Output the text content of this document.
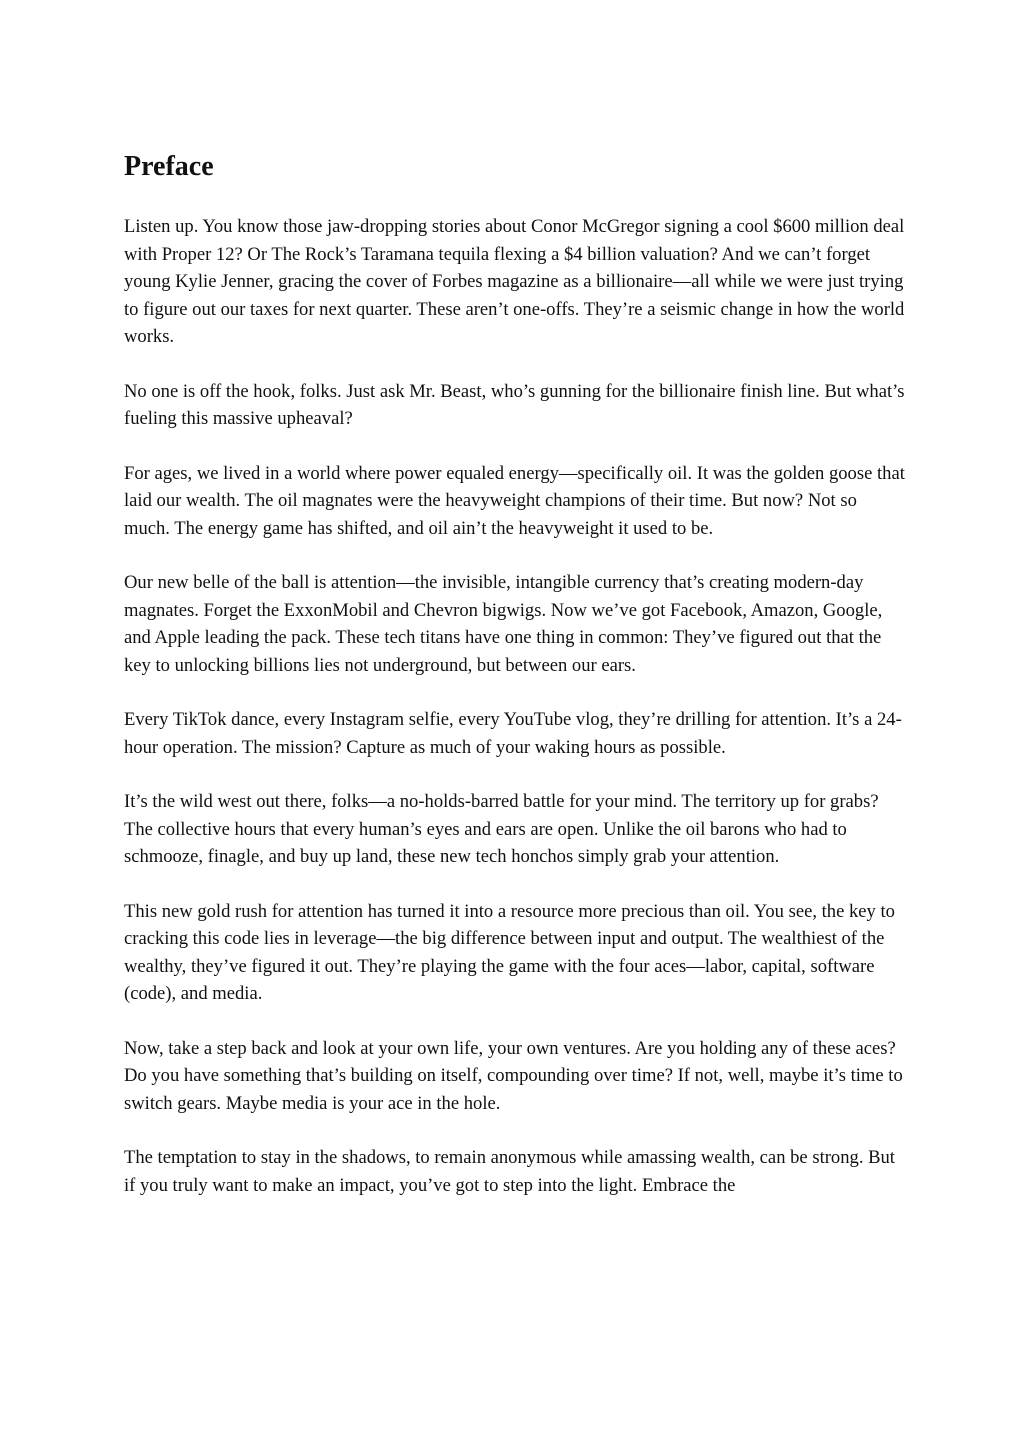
Preface

Listen up. You know those jaw-dropping stories about Conor McGregor signing a cool $600 million deal with Proper 12? Or The Rock’s Taramana tequila flexing a $4 billion valuation? And we can’t forget young Kylie Jenner, gracing the cover of Forbes magazine as a billionaire—all while we were just trying to figure out our taxes for next quarter. These aren’t one-offs. They’re a seismic change in how the world works.

No one is off the hook, folks. Just ask Mr. Beast, who’s gunning for the billionaire finish line. But what’s fueling this massive upheaval?

For ages, we lived in a world where power equaled energy—specifically oil. It was the golden goose that laid our wealth. The oil magnates were the heavyweight champions of their time. But now? Not so much. The energy game has shifted, and oil ain’t the heavyweight it used to be.

Our new belle of the ball is attention—the invisible, intangible currency that’s creating modern-day magnates. Forget the ExxonMobil and Chevron bigwigs. Now we’ve got Facebook, Amazon, Google, and Apple leading the pack. These tech titans have one thing in common: They’ve figured out that the key to unlocking billions lies not underground, but between our ears.

Every TikTok dance, every Instagram selfie, every YouTube vlog, they’re drilling for attention. It’s a 24-hour operation. The mission? Capture as much of your waking hours as possible.

It’s the wild west out there, folks—a no-holds-barred battle for your mind. The territory up for grabs? The collective hours that every human’s eyes and ears are open. Unlike the oil barons who had to schmooze, finagle, and buy up land, these new tech honchos simply grab your attention.

This new gold rush for attention has turned it into a resource more precious than oil. You see, the key to cracking this code lies in leverage—the big difference between input and output. The wealthiest of the wealthy, they’ve figured it out. They’re playing the game with the four aces—labor, capital, software (code), and media.

Now, take a step back and look at your own life, your own ventures. Are you holding any of these aces? Do you have something that’s building on itself, compounding over time? If not, well, maybe it’s time to switch gears. Maybe media is your ace in the hole.

The temptation to stay in the shadows, to remain anonymous while amassing wealth, can be strong. But if you truly want to make an impact, you’ve got to step into the light. Embrace the
